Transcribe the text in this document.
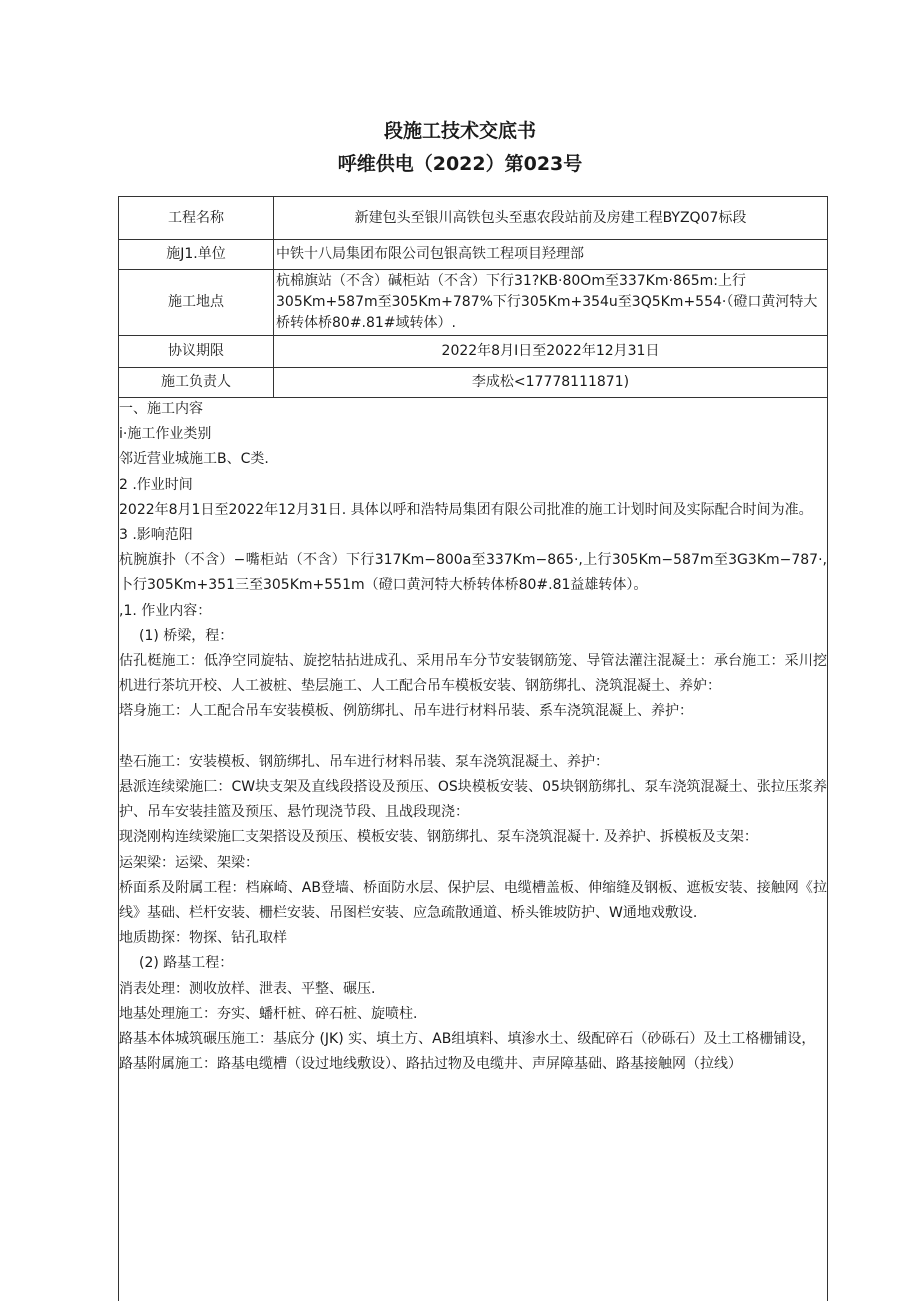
段施工技术交底书
呼维供电（2022）第023号
工程名称	新建包头至银川高铁包头至惠农段站前及房建工程BYZQ07标段
施J1.单位	中铁十八局集团布限公司包银高铁工程项目羟理部
施工地点	杭棉旗站（不含）碱柜站（不含）下行31?KB·80Om至337Km·865m:上行305Km+587m至305Km+787%下行305Km+354u至3Q5Km+554·（磴口黄河特大桥转体桥80#.81#域转体）.
协议期限	2022年8月I日至2022年12月31日
施工负责人	李成松<17778111871)

一、施工内容

i·施工作业类别

邻近营业城施工B、C类.

2 .作业时间

2022年8月1日至2022年12月31日. 具体以呼和浩特局集团有限公司批准的施工计划时间及实际配合时间为准。

3 .影响范阳

杭腕旗扑（不含）−嘴柜站（不含）下行317Km−800a至337Km−865·,上行305Km−587m至3G3Km−787·,卜行305Km+351三至305Km+551m（磴口黄河特大桥转体桥80#.81益雄转体）。

,1. 作业内容：

(1) 桥梁，程：

估孔梃施工：低净空同旋牯、旋挖牯拈进成孔、采用吊车分节安装钢筋笼、导管法灌注混凝土：承台施工：采川挖机进行茶坑开校、人工被桩、垫层施工、人工配合吊车模板安装、钢筋绑扎、浇筑混凝土、养妒：

塔身施工：人工配合吊车安装模板、例筋绑扎、吊车进行材料吊装、系车浇筑混凝上、养护：

垫石施工：安装模板、钢筋绑扎、吊车进行材料吊装、泵车浇筑混凝土、养护：

悬派连续梁施匚：CW块支架及直线段搭设及预压、OS块模板安装、05块钢筋绑扎、泵车浇筑混凝土、张拉压浆养护、吊车安装挂篮及预压、悬竹现浇节段、且战段现浇：

现浇刚构连续梁施匚支架搭设及预压、模板安装、钢筋绑扎、泵车浇筑混凝十. 及养护、拆模板及支架：

运架梁：运梁、架梁：

桥面系及附属工程：档麻崎、AB登墙、桥面防水层、保护层、电缆槽盖板、伸缩缝及钢板、遮板安装、接触网《拉线》基础、栏杆安装、栅栏安装、吊图栏安装、应急疏散通道、桥头锥坡防护、W通地戏敷设.

地质勘探：物探、钻孔取样

(2) 路基工程：

消表处理：测收放样、泄表、平整、碾压.

地基处理施工：夯实、蟠杆桩、碎石桩、旋喷柱.

路基本体城筑碾压施工：基底分 (JK) 实、填土方、AB组填料、填渗水土、级配碎石（砂砾石）及土工格栅铺设，

路基附属施工：路基电缆槽（设过地线敷设）、路拈过物及电缆井、声屏障基础、路基接触网（拉线）
